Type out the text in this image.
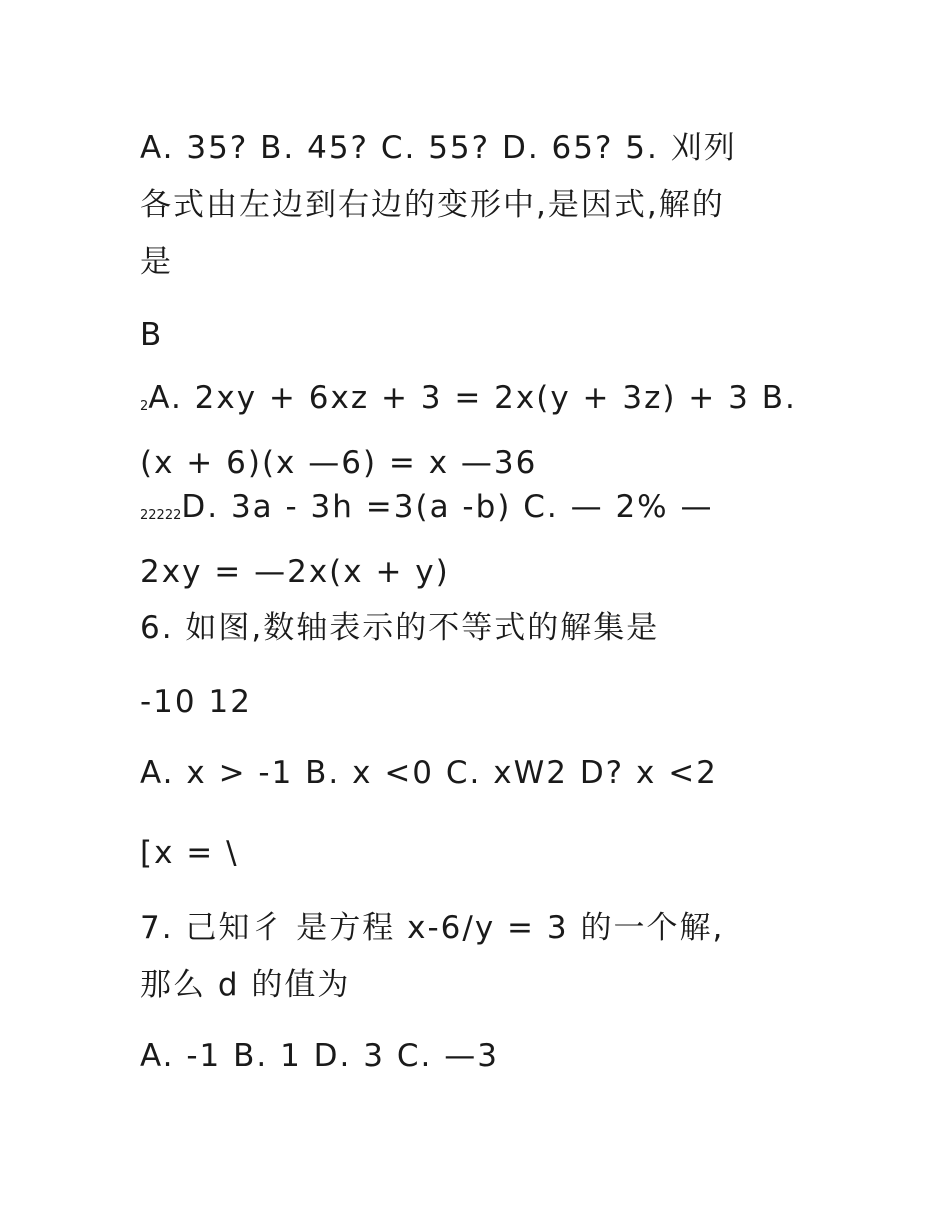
A. 35? B. 45? C. 55? D. 65? 5. 刈列
各式由左边到右边的变形中,是因式,解的
是

B

2A. 2xy + 6xz + 3 = 2x(y + 3z) + 3 B.
(x + 6)(x —6) = x —36

22222D. 3a - 3h =3(a -b) C. — 2% —
2xy = —2x(x + y)

6. 如图,数轴表示的不等式的解集是

-10 12

A. x > -1 B. x <0 C. xW2 D? x <2

[x = \

7. 己知彳 是方程 x-6/y = 3 的一个解,
那么 d 的值为

A. -1 B. 1 D. 3 C. —3
